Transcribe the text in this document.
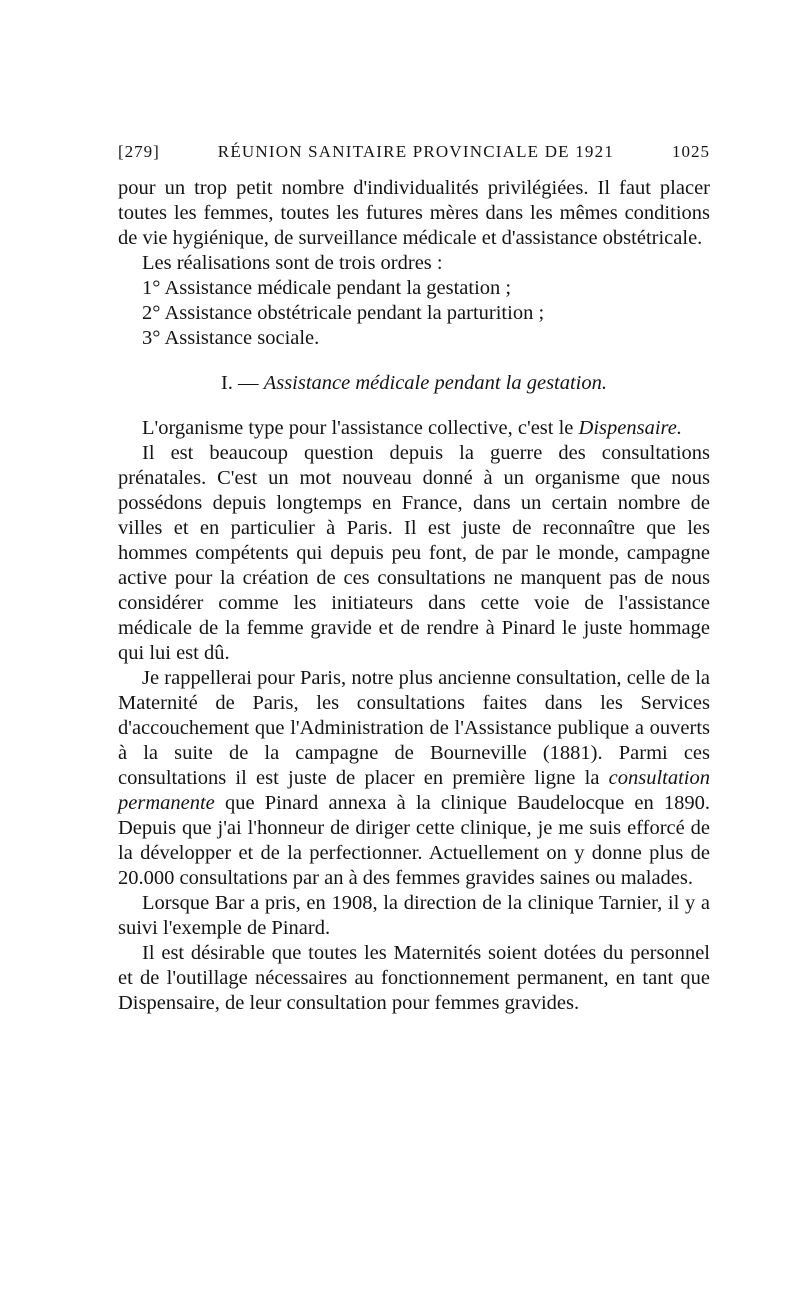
[279]	RÉUNION SANITAIRE PROVINCIALE DE 1921	1025

pour un trop petit nombre d'individualités privilégiées. Il faut placer toutes les femmes, toutes les futures mères dans les mêmes conditions de vie hygiénique, de surveillance médicale et d'assistance obstétricale.

Les réalisations sont de trois ordres :

1° Assistance médicale pendant la gestation ;
2° Assistance obstétricale pendant la parturition ;
3° Assistance sociale.
I. — Assistance médicale pendant la gestation.

L'organisme type pour l'assistance collective, c'est le Dispensaire.

Il est beaucoup question depuis la guerre des consultations prénatales. C'est un mot nouveau donné à un organisme que nous possédons depuis longtemps en France, dans un certain nombre de villes et en particulier à Paris. Il est juste de reconnaître que les hommes compétents qui depuis peu font, de par le monde, campagne active pour la création de ces consultations ne manquent pas de nous considérer comme les initiateurs dans cette voie de l'assistance médicale de la femme gravide et de rendre à Pinard le juste hommage qui lui est dû.

Je rappellerai pour Paris, notre plus ancienne consultation, celle de la Maternité de Paris, les consultations faites dans les Services d'accouchement que l'Administration de l'Assistance publique a ouverts à la suite de la campagne de Bourneville (1881). Parmi ces consultations il est juste de placer en première ligne la consultation permanente que Pinard annexa à la clinique Baudelocque en 1890. Depuis que j'ai l'honneur de diriger cette clinique, je me suis efforcé de la développer et de la perfectionner. Actuellement on y donne plus de 20.000 consultations par an à des femmes gravides saines ou malades.

Lorsque Bar a pris, en 1908, la direction de la clinique Tarnier, il y a suivi l'exemple de Pinard.

Il est désirable que toutes les Maternités soient dotées du personnel et de l'outillage nécessaires au fonctionnement permanent, en tant que Dispensaire, de leur consultation pour femmes gravides.
